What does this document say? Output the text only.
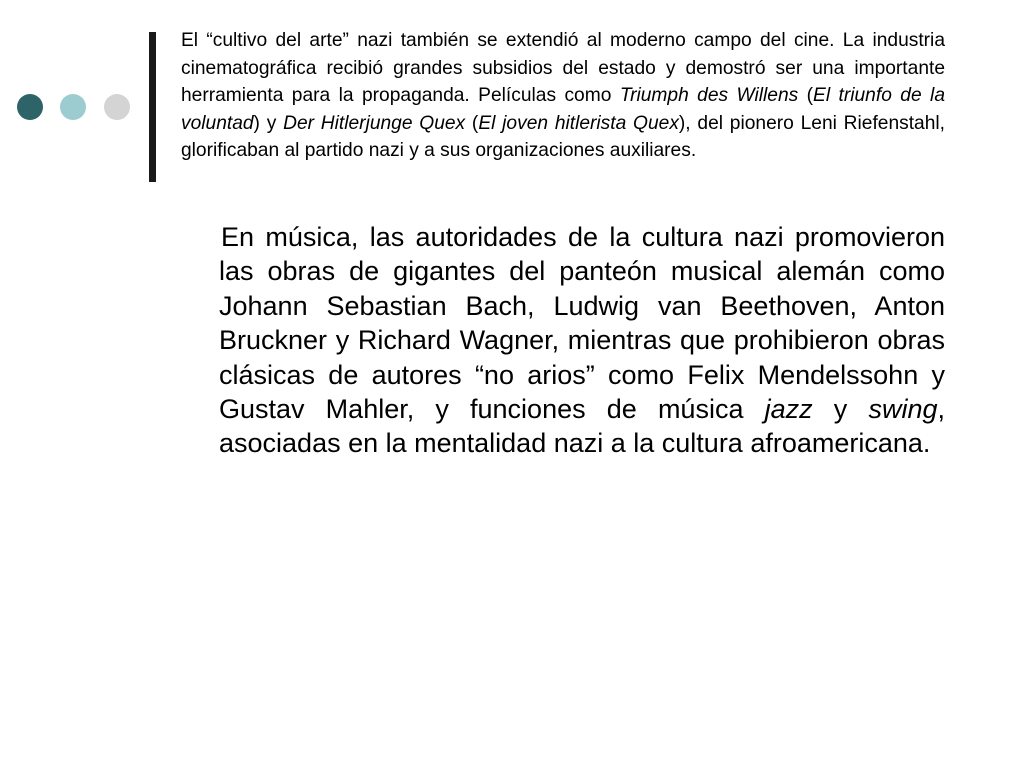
El “cultivo del arte” nazi también se extendió al moderno campo del cine. La industria cinematográfica recibió grandes subsidios del estado y demostró ser una importante herramienta para la propaganda. Películas como Triumph des Willens (El triunfo de la voluntad) y Der Hitlerjunge Quex (El joven hitlerista Quex), del pionero Leni Riefenstahl, glorificaban al partido nazi y a sus organizaciones auxiliares.

En música, las autoridades de la cultura nazi promovieron las obras de gigantes del panteón musical alemán como Johann Sebastian Bach, Ludwig van Beethoven, Anton Bruckner y Richard Wagner, mientras que prohibieron obras clásicas de autores “no arios” como Felix Mendelssohn y Gustav Mahler, y funciones de música jazz y swing, asociadas en la mentalidad nazi a la cultura afroamericana.
